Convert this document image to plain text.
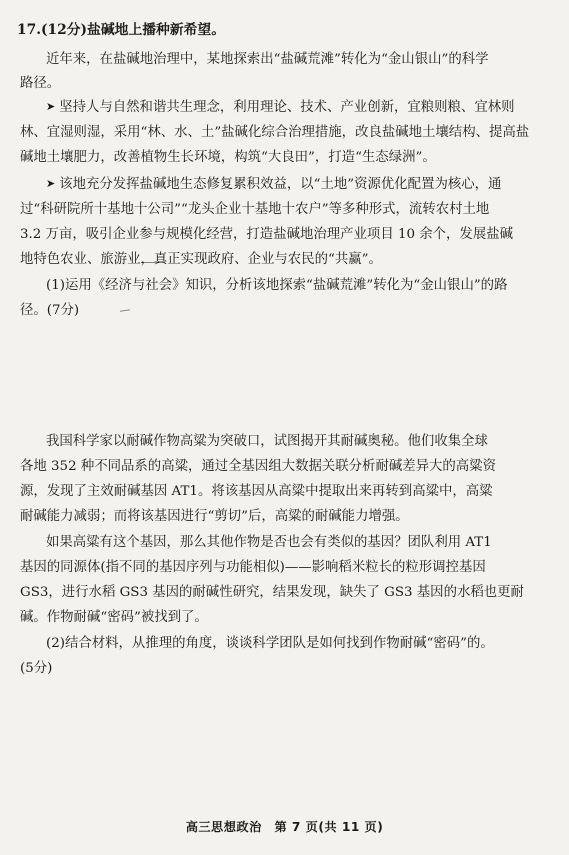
17.(12分)盐碱地上播种新希望。
近年来，在盐碱地治理中，某地探索出“盐碱荒滩”转化为“金山银山”的科学
路径。
➤ 坚持人与自然和谐共生理念，利用理论、技术、产业创新，宜粮则粮、宜林则
林、宜湿则湿，采用“林、水、土”盐碱化综合治理措施，改良盐碱地土壤结构、提高盐
碱地土壤肥力，改善植物生长环境，构筑“大良田”，打造“生态绿洲”。
➤ 该地充分发挥盐碱地生态修复累积效益，以“土地”资源优化配置为核心，通
过“科研院所十基地十公司”“龙头企业十基地十农户”等多种形式，流转农村土地
3.2 万亩，吸引企业参与规模化经营，打造盐碱地治理产业项目 10 余个，发展盐碱
地特色农业、旅游业，真正实现政府、企业与农民的“共赢”。
(1)运用《经济与社会》知识，分析该地探索“盐碱荒滩”转化为“金山银山”的路
径。(7分)
我国科学家以耐碱作物高粱为突破口，试图揭开其耐碱奥秘。他们收集全球
各地 352 种不同品系的高粱，通过全基因组大数据关联分析耐碱差异大的高粱资
源，发现了主效耐碱基因 AT1。将该基因从高粱中提取出来再转到高粱中，高粱
耐碱能力减弱；而将该基因进行“剪切”后，高粱的耐碱能力增强。
如果高粱有这个基因，那么其他作物是否也会有类似的基因？团队利用 AT1
基因的同源体(指不同的基因序列与功能相似)——影响稻米粒长的粒形调控基因
GS3，进行水稻 GS3 基因的耐碱性研究，结果发现，缺失了 GS3 基因的水稻也更耐
碱。作物耐碱“密码”被找到了。
(2)结合材料，从推理的角度，谈谈科学团队是如何找到作物耐碱“密码”的。
(5分)
高三思想政治　第 7 页(共 11 页)
